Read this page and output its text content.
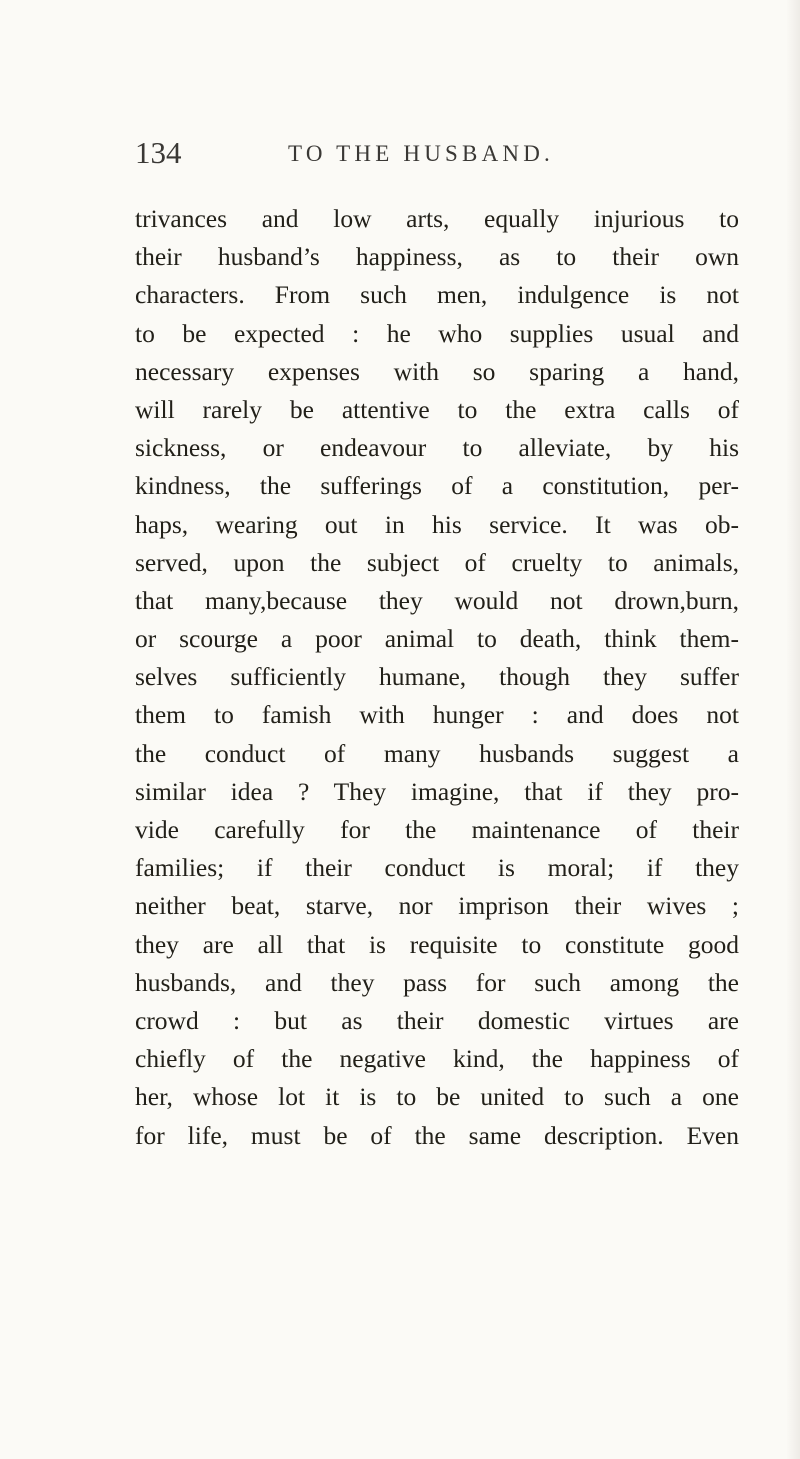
134	TO THE HUSBAND.
trivances and low arts, equally injurious to
their husband’s happiness, as to their own
characters. From such men, indulgence is not
to be expected : he who supplies usual and
necessary expenses with so sparing a hand,
will rarely be attentive to the extra calls of
sickness, or endeavour to alleviate, by his
kindness, the sufferings of a constitution, per-
haps, wearing out in his service. It was ob-
served, upon the subject of cruelty to animals,
that many,because they would not drown,burn,
or scourge a poor animal to death, think them-
selves sufficiently humane, though they suffer
them to famish with hunger : and does not
the conduct of many husbands suggest a
similar idea ? They imagine, that if they pro-
vide carefully for the maintenance of their
families; if their conduct is moral; if they
neither beat, starve, nor imprison their wives ;
they are all that is requisite to constitute good
husbands, and they pass for such among the
crowd : but as their domestic virtues are
chiefly of the negative kind, the happiness of
her, whose lot it is to be united to such a one
for life, must be of the same description. Even
